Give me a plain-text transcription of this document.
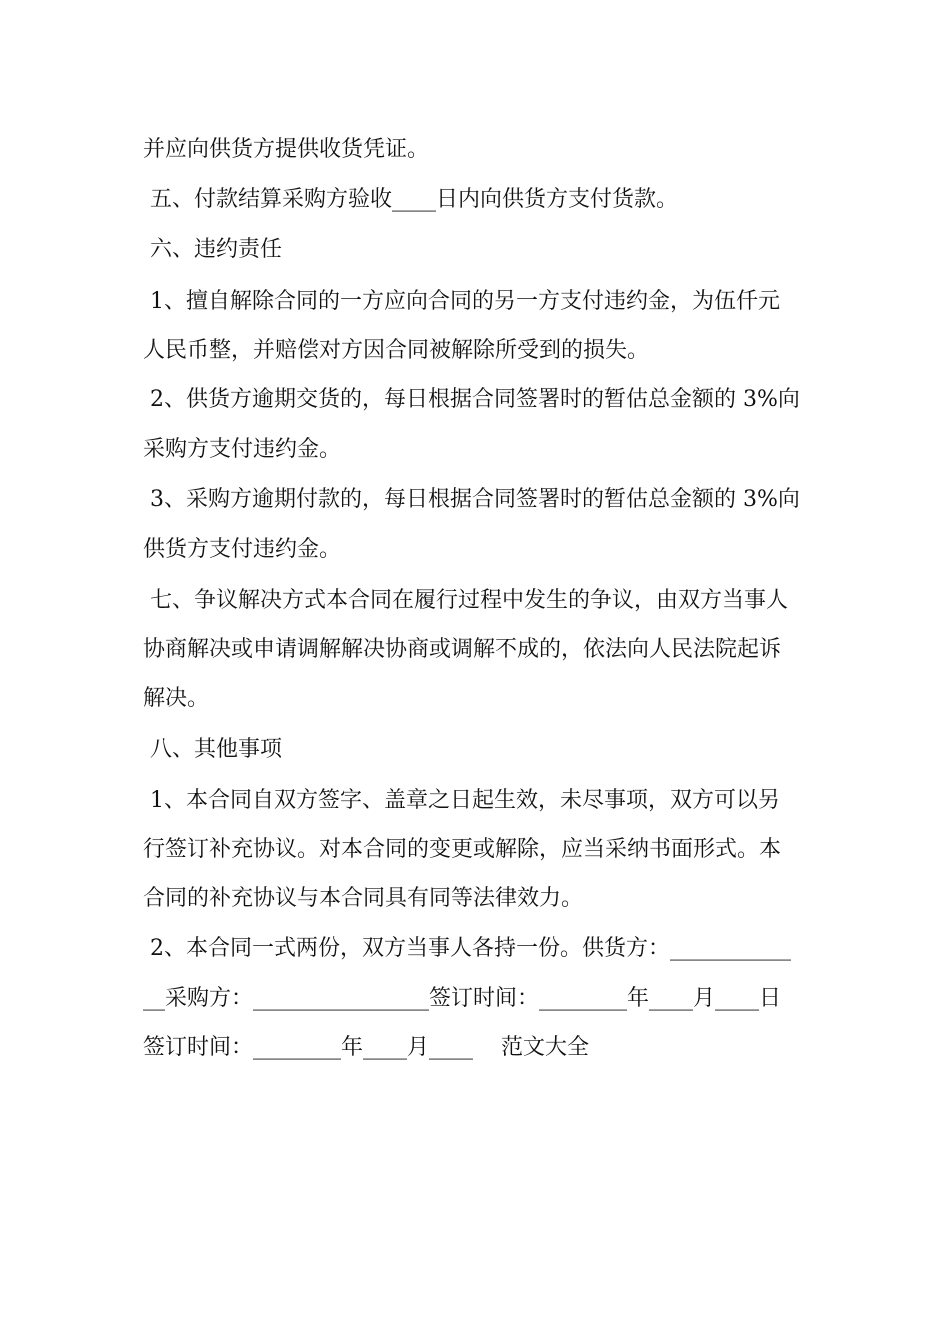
并应向供货方提供收货凭证。
五、付款结算采购方验收____日内向供货方支付货款。
六、违约责任
1、擅自解除合同的一方应向合同的另一方支付违约金，为伍仟元
人民币整，并赔偿对方因合同被解除所受到的损失。
2、供货方逾期交货的，每日根据合同签署时的暂估总金额的 3%向
采购方支付违约金。
3、采购方逾期付款的，每日根据合同签署时的暂估总金额的 3%向
供货方支付违约金。
七、争议解决方式本合同在履行过程中发生的争议，由双方当事人
协商解决或申请调解解决协商或调解不成的，依法向人民法院起诉
解决。
八、其他事项
1、本合同自双方签字、盖章之日起生效，未尽事项，双方可以另
行签订补充协议。对本合同的变更或解除，应当采纳书面形式。本
合同的补充协议与本合同具有同等法律效力。
2、本合同一式两份，双方当事人各持一份。供货方：___________
__采购方：________________签订时间：________年____月____日
签订时间：________年____月____    范文大全
